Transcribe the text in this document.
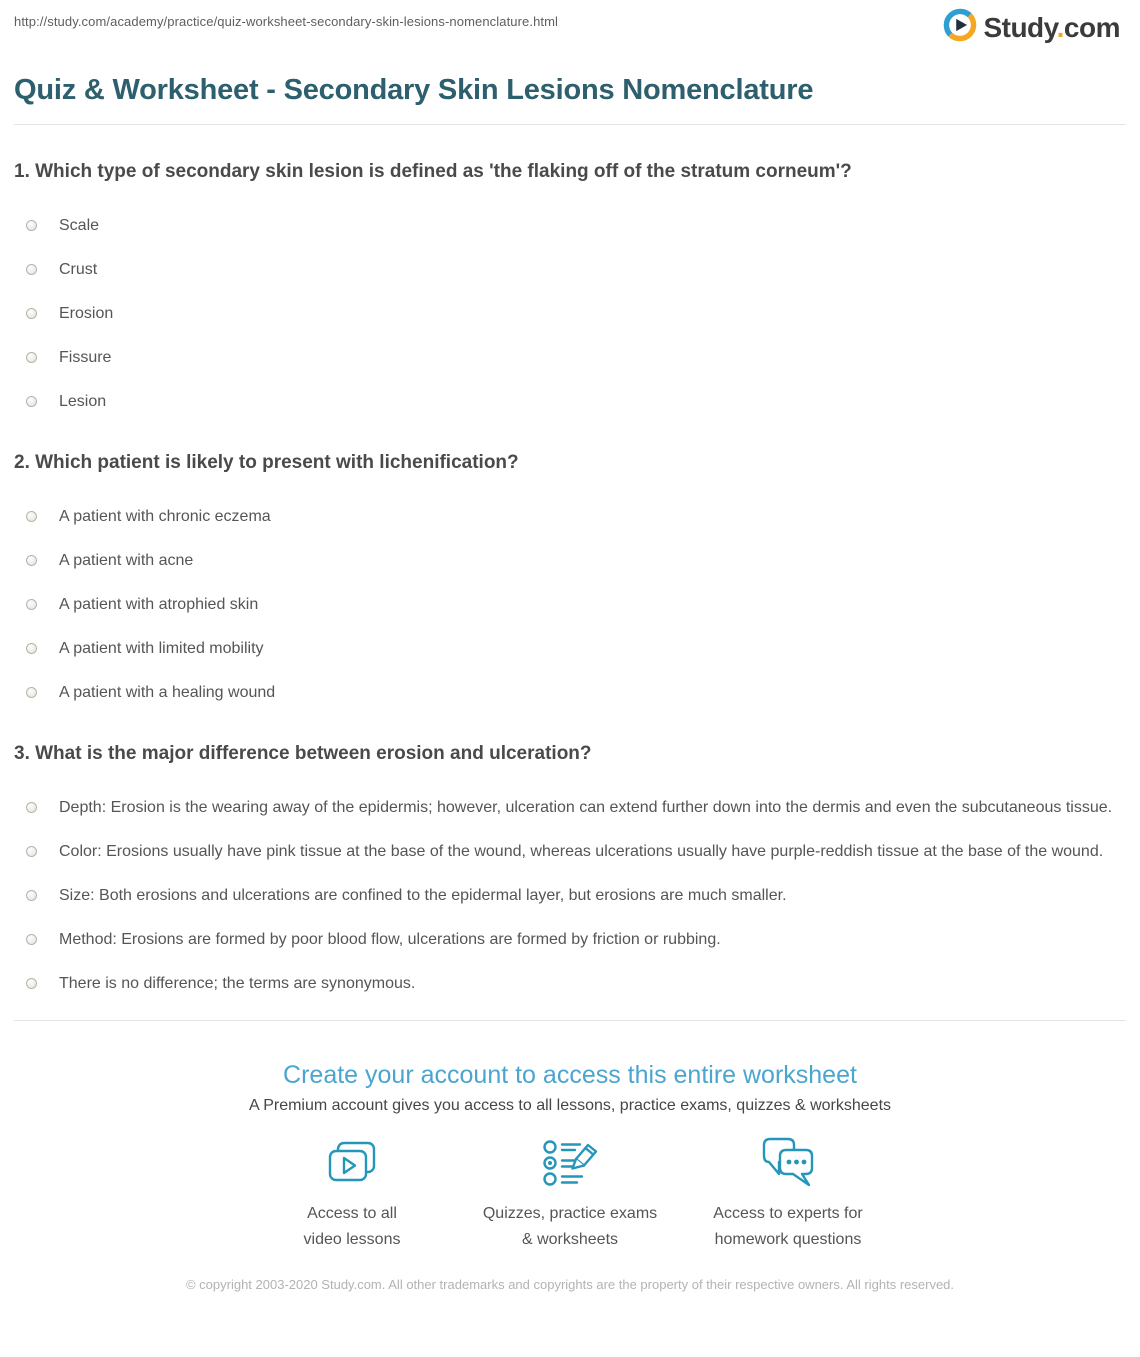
http://study.com/academy/practice/quiz-worksheet-secondary-skin-lesions-nomenclature.html	Study.com
Quiz & Worksheet - Secondary Skin Lesions Nomenclature
1. Which type of secondary skin lesion is defined as 'the flaking off of the stratum corneum'?
Scale
Crust
Erosion
Fissure
Lesion
2. Which patient is likely to present with lichenification?
A patient with chronic eczema
A patient with acne
A patient with atrophied skin
A patient with limited mobility
A patient with a healing wound
3. What is the major difference between erosion and ulceration?
Depth: Erosion is the wearing away of the epidermis; however, ulceration can extend further down into the dermis and even the subcutaneous tissue.
Color: Erosions usually have pink tissue at the base of the wound, whereas ulcerations usually have purple-reddish tissue at the base of the wound.
Size: Both erosions and ulcerations are confined to the epidermal layer, but erosions are much smaller.
Method: Erosions are formed by poor blood flow, ulcerations are formed by friction or rubbing.
There is no difference; the terms are synonymous.
Create your account to access this entire worksheet
A Premium account gives you access to all lessons, practice exams, quizzes & worksheets
Access to all
video lessons
Quizzes, practice exams
& worksheets
Access to experts for
homework questions
© copyright 2003-2020 Study.com. All other trademarks and copyrights are the property of their respective owners. All rights reserved.
